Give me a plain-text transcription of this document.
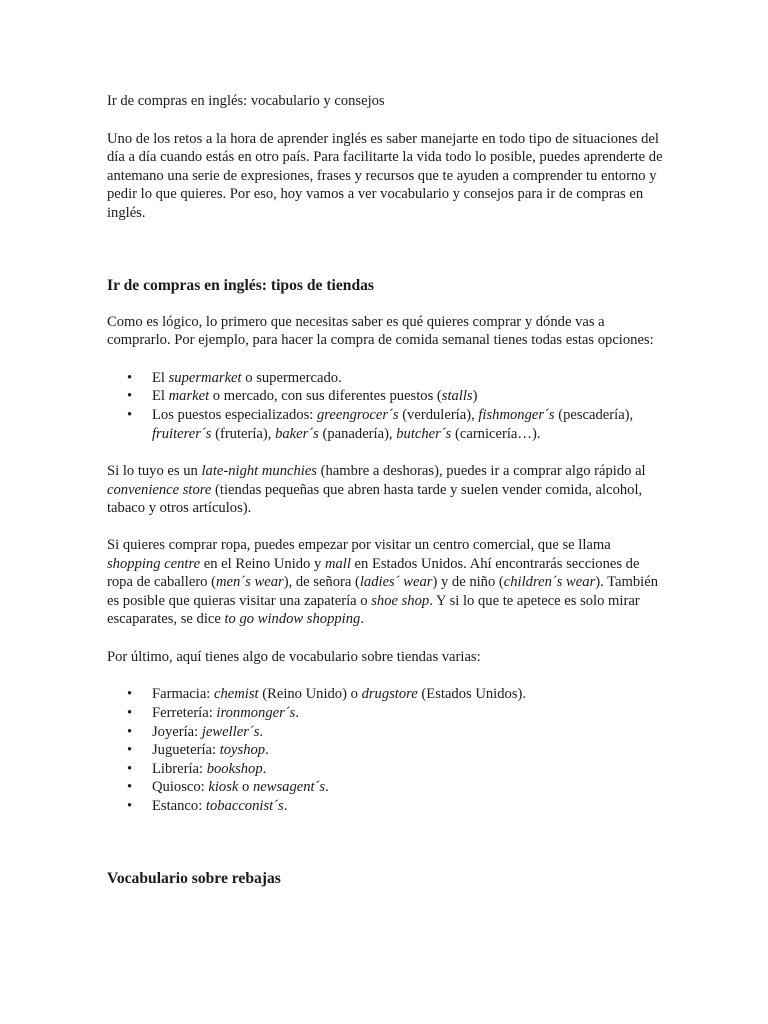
Ir de compras en inglés: vocabulario y consejos

Uno de los retos a la hora de aprender inglés es saber manejarte en todo tipo de situaciones del día a día cuando estás en otro país. Para facilitarte la vida todo lo posible, puedes aprenderte de antemano una serie de expresiones, frases y recursos que te ayuden a comprender tu entorno y pedir lo que quieres. Por eso, hoy vamos a ver vocabulario y consejos para ir de compras en inglés.

Ir de compras en inglés: tipos de tiendas

Como es lógico, lo primero que necesitas saber es qué quieres comprar y dónde vas a comprarlo. Por ejemplo, para hacer la compra de comida semanal tienes todas estas opciones:

• El supermarket o supermercado.
• El market o mercado, con sus diferentes puestos (stalls)
• Los puestos especializados: greengrocer´s (verdulería), fishmonger´s (pescadería), fruiterer´s (frutería), baker´s (panadería), butcher´s (carnicería…).

Si lo tuyo es un late-night munchies (hambre a deshoras), puedes ir a comprar algo rápido al convenience store (tiendas pequeñas que abren hasta tarde y suelen vender comida, alcohol, tabaco y otros artículos).

Si quieres comprar ropa, puedes empezar por visitar un centro comercial, que se llama shopping centre en el Reino Unido y mall en Estados Unidos. Ahí encontrarás secciones de ropa de caballero (men´s wear), de señora (ladies´ wear) y de niño (children´s wear). También es posible que quieras visitar una zapatería o shoe shop. Y si lo que te apetece es solo mirar escaparates, se dice to go window shopping.

Por último, aquí tienes algo de vocabulario sobre tiendas varias:

• Farmacia: chemist (Reino Unido) o drugstore (Estados Unidos).
• Ferretería: ironmonger´s.
• Joyería: jeweller´s.
• Juguetería: toyshop.
• Librería: bookshop.
• Quiosco: kiosk o newsagent´s.
• Estanco: tobacconist´s.
Vocabulario sobre rebajas
